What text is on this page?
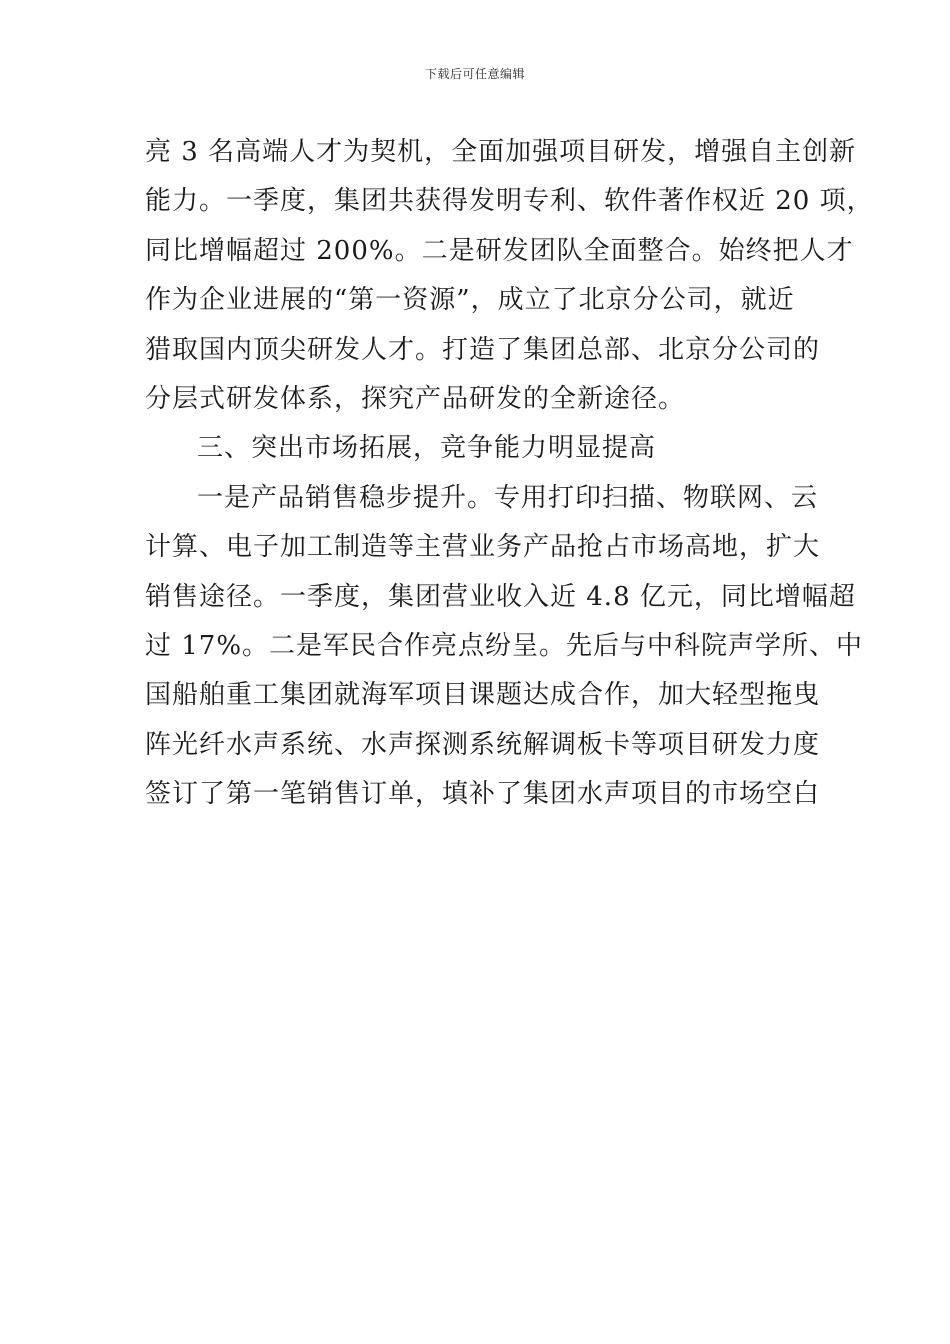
下载后可任意编辑
亮 3 名高端人才为契机，全面加强项目研发，增强自主创新
能力。一季度，集团共获得发明专利、软件著作权近 20 项，
同比增幅超过 200%。二是研发团队全面整合。始终把人才
作为企业进展的“第一资源”，成立了北京分公司，就近
猎取国内顶尖研发人才。打造了集团总部、北京分公司的
分层式研发体系，探究产品研发的全新途径。
三、突出市场拓展，竞争能力明显提高
一是产品销售稳步提升。专用打印扫描、物联网、云
计算、电子加工制造等主营业务产品抢占市场高地，扩大
销售途径。一季度，集团营业收入近 4.8 亿元，同比增幅超
过 17%。二是军民合作亮点纷呈。先后与中科院声学所、中
国船舶重工集团就海军项目课题达成合作，加大轻型拖曳
阵光纤水声系统、水声探测系统解调板卡等项目研发力度
签订了第一笔销售订单，填补了集团水声项目的市场空白
